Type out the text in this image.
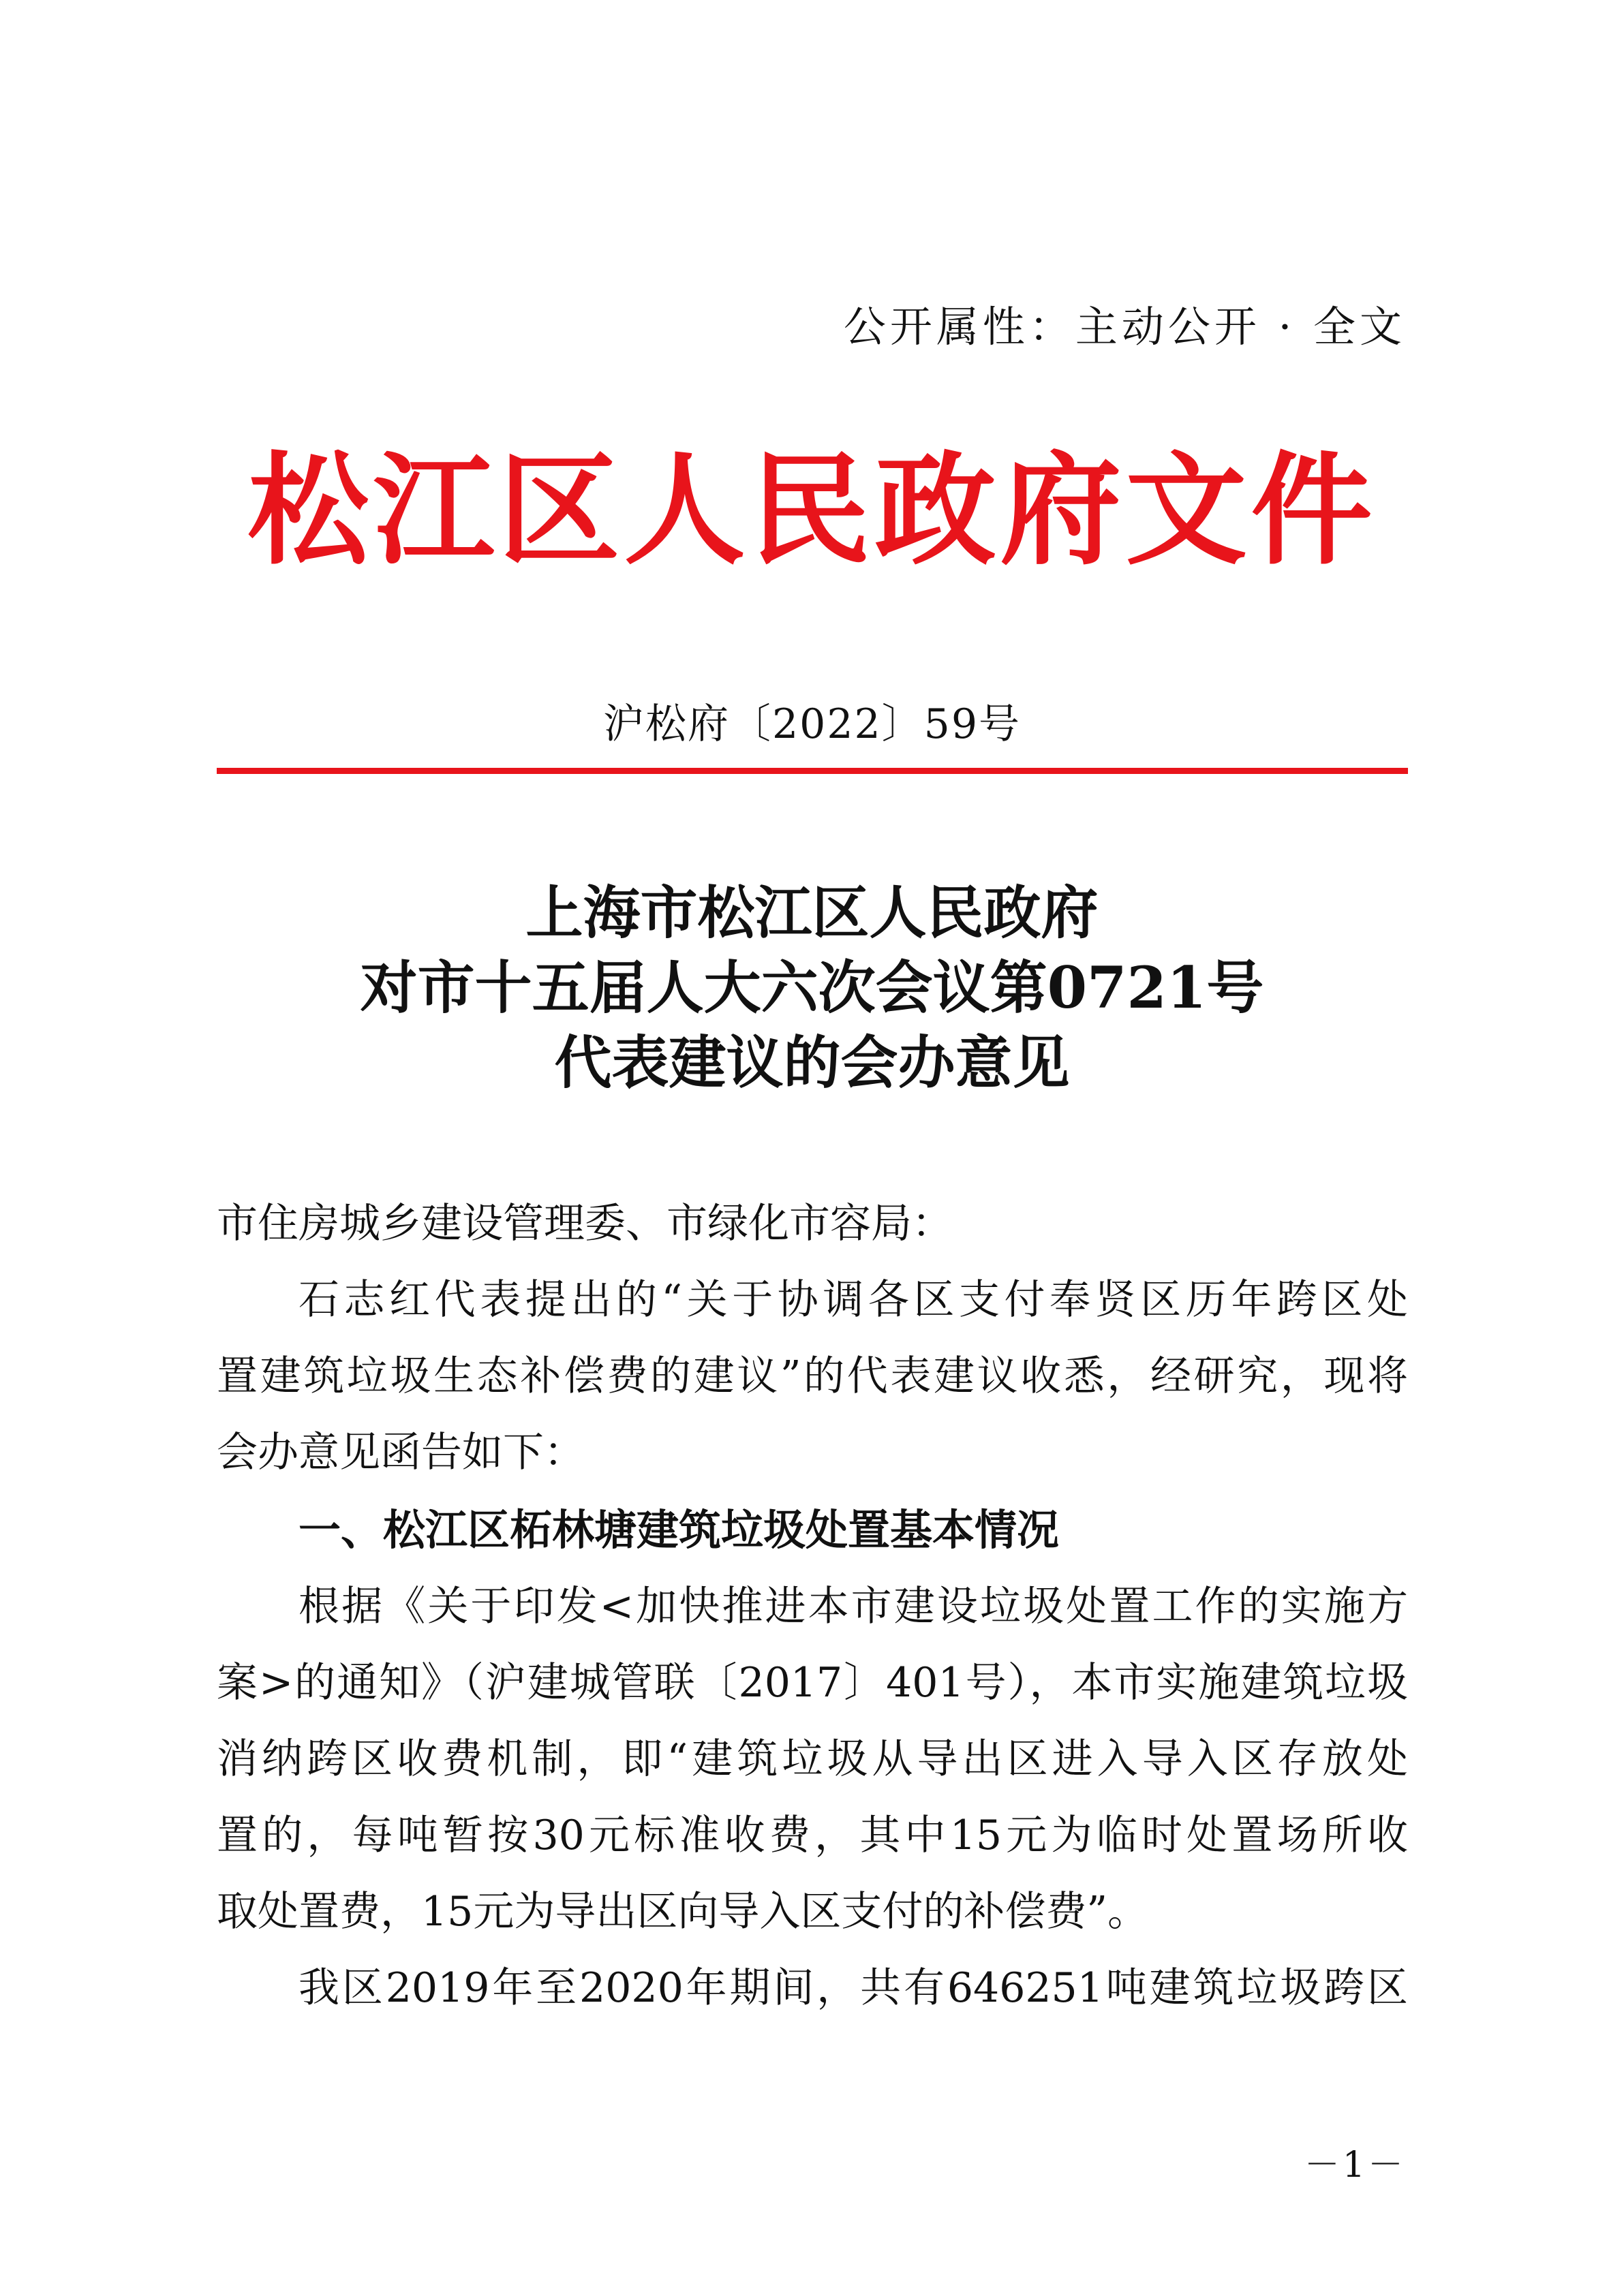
公开属性：主动公开 · 全文
松江区人民政府文件
沪松府〔2022〕59号
上海市松江区人民政府
对市十五届人大六次会议第0721号
代表建议的会办意见
市住房城乡建设管理委、市绿化市容局：
石志红代表提出的“关于协调各区支付奉贤区历年跨区处
置建筑垃圾生态补偿费的建议”的代表建议收悉，经研究，现将
会办意见函告如下：
一、松江区柘林塘建筑垃圾处置基本情况
根据《关于印发<加快推进本市建设垃圾处置工作的实施方
案>的通知》（沪建城管联〔2017〕401号），本市实施建筑垃圾
消纳跨区收费机制，即“建筑垃圾从导出区进入导入区存放处
置的，每吨暂按30元标准收费，其中15元为临时处置场所收
取处置费，15元为导出区向导入区支付的补偿费”。
我区2019年至2020年期间，共有646251吨建筑垃圾跨区
－1－
